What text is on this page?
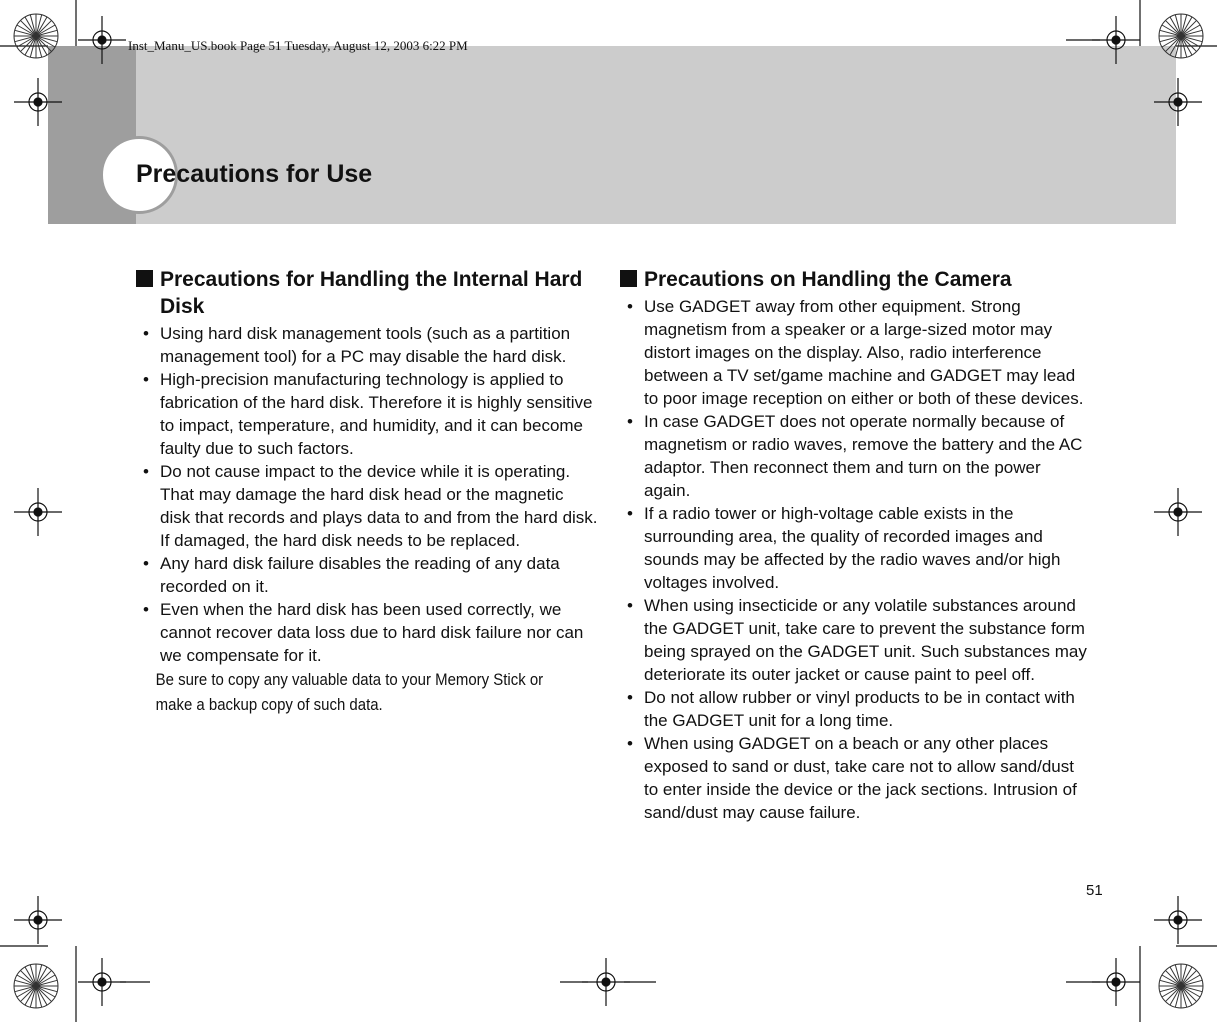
Precautions for Use
Inst_Manu_US.book Page 51 Tuesday, August 12, 2003 6:22 PM
Precautions for Handling the Internal Hard Disk
• Using hard disk management tools (such as a partition management tool) for a PC may disable the hard disk.
• High-precision manufacturing technology is applied to fabrication of the hard disk. Therefore it is highly sensitive to impact, temperature, and humidity, and it can become faulty due to such factors.
• Do not cause impact to the device while it is operating. That may damage the hard disk head or the magnetic disk that records and plays data to and from the hard disk. If damaged, the hard disk needs to be replaced.
• Any hard disk failure disables the reading of any data recorded on it.
• Even when the hard disk has been used correctly, we cannot recover data loss due to hard disk failure nor can we compensate for it.
Be sure to copy any valuable data to your Memory Stick or make a backup copy of such data.
Precautions on Handling the Camera
• Use GADGET away from other equipment. Strong magnetism from a speaker or a large-sized motor may distort images on the display. Also, radio interference between a TV set/game machine and GADGET may lead to poor image reception on either or both of these devices.
• In case GADGET does not operate normally because of magnetism or radio waves, remove the battery and the AC adaptor. Then reconnect them and turn on the power again.
• If a radio tower or high-voltage cable exists in the surrounding area, the quality of recorded images and sounds may be affected by the radio waves and/or high voltages involved.
• When using insecticide or any volatile substances around the GADGET unit, take care to prevent the substance form being sprayed on the GADGET unit. Such substances may deteriorate its outer jacket or cause paint to peel off.
• Do not allow rubber or vinyl products to be in contact with the GADGET unit for a long time.
• When using GADGET on a beach or any other places exposed to sand or dust, take care not to allow sand/dust to enter inside the device or the jack sections. Intrusion of sand/dust may cause failure.
51
